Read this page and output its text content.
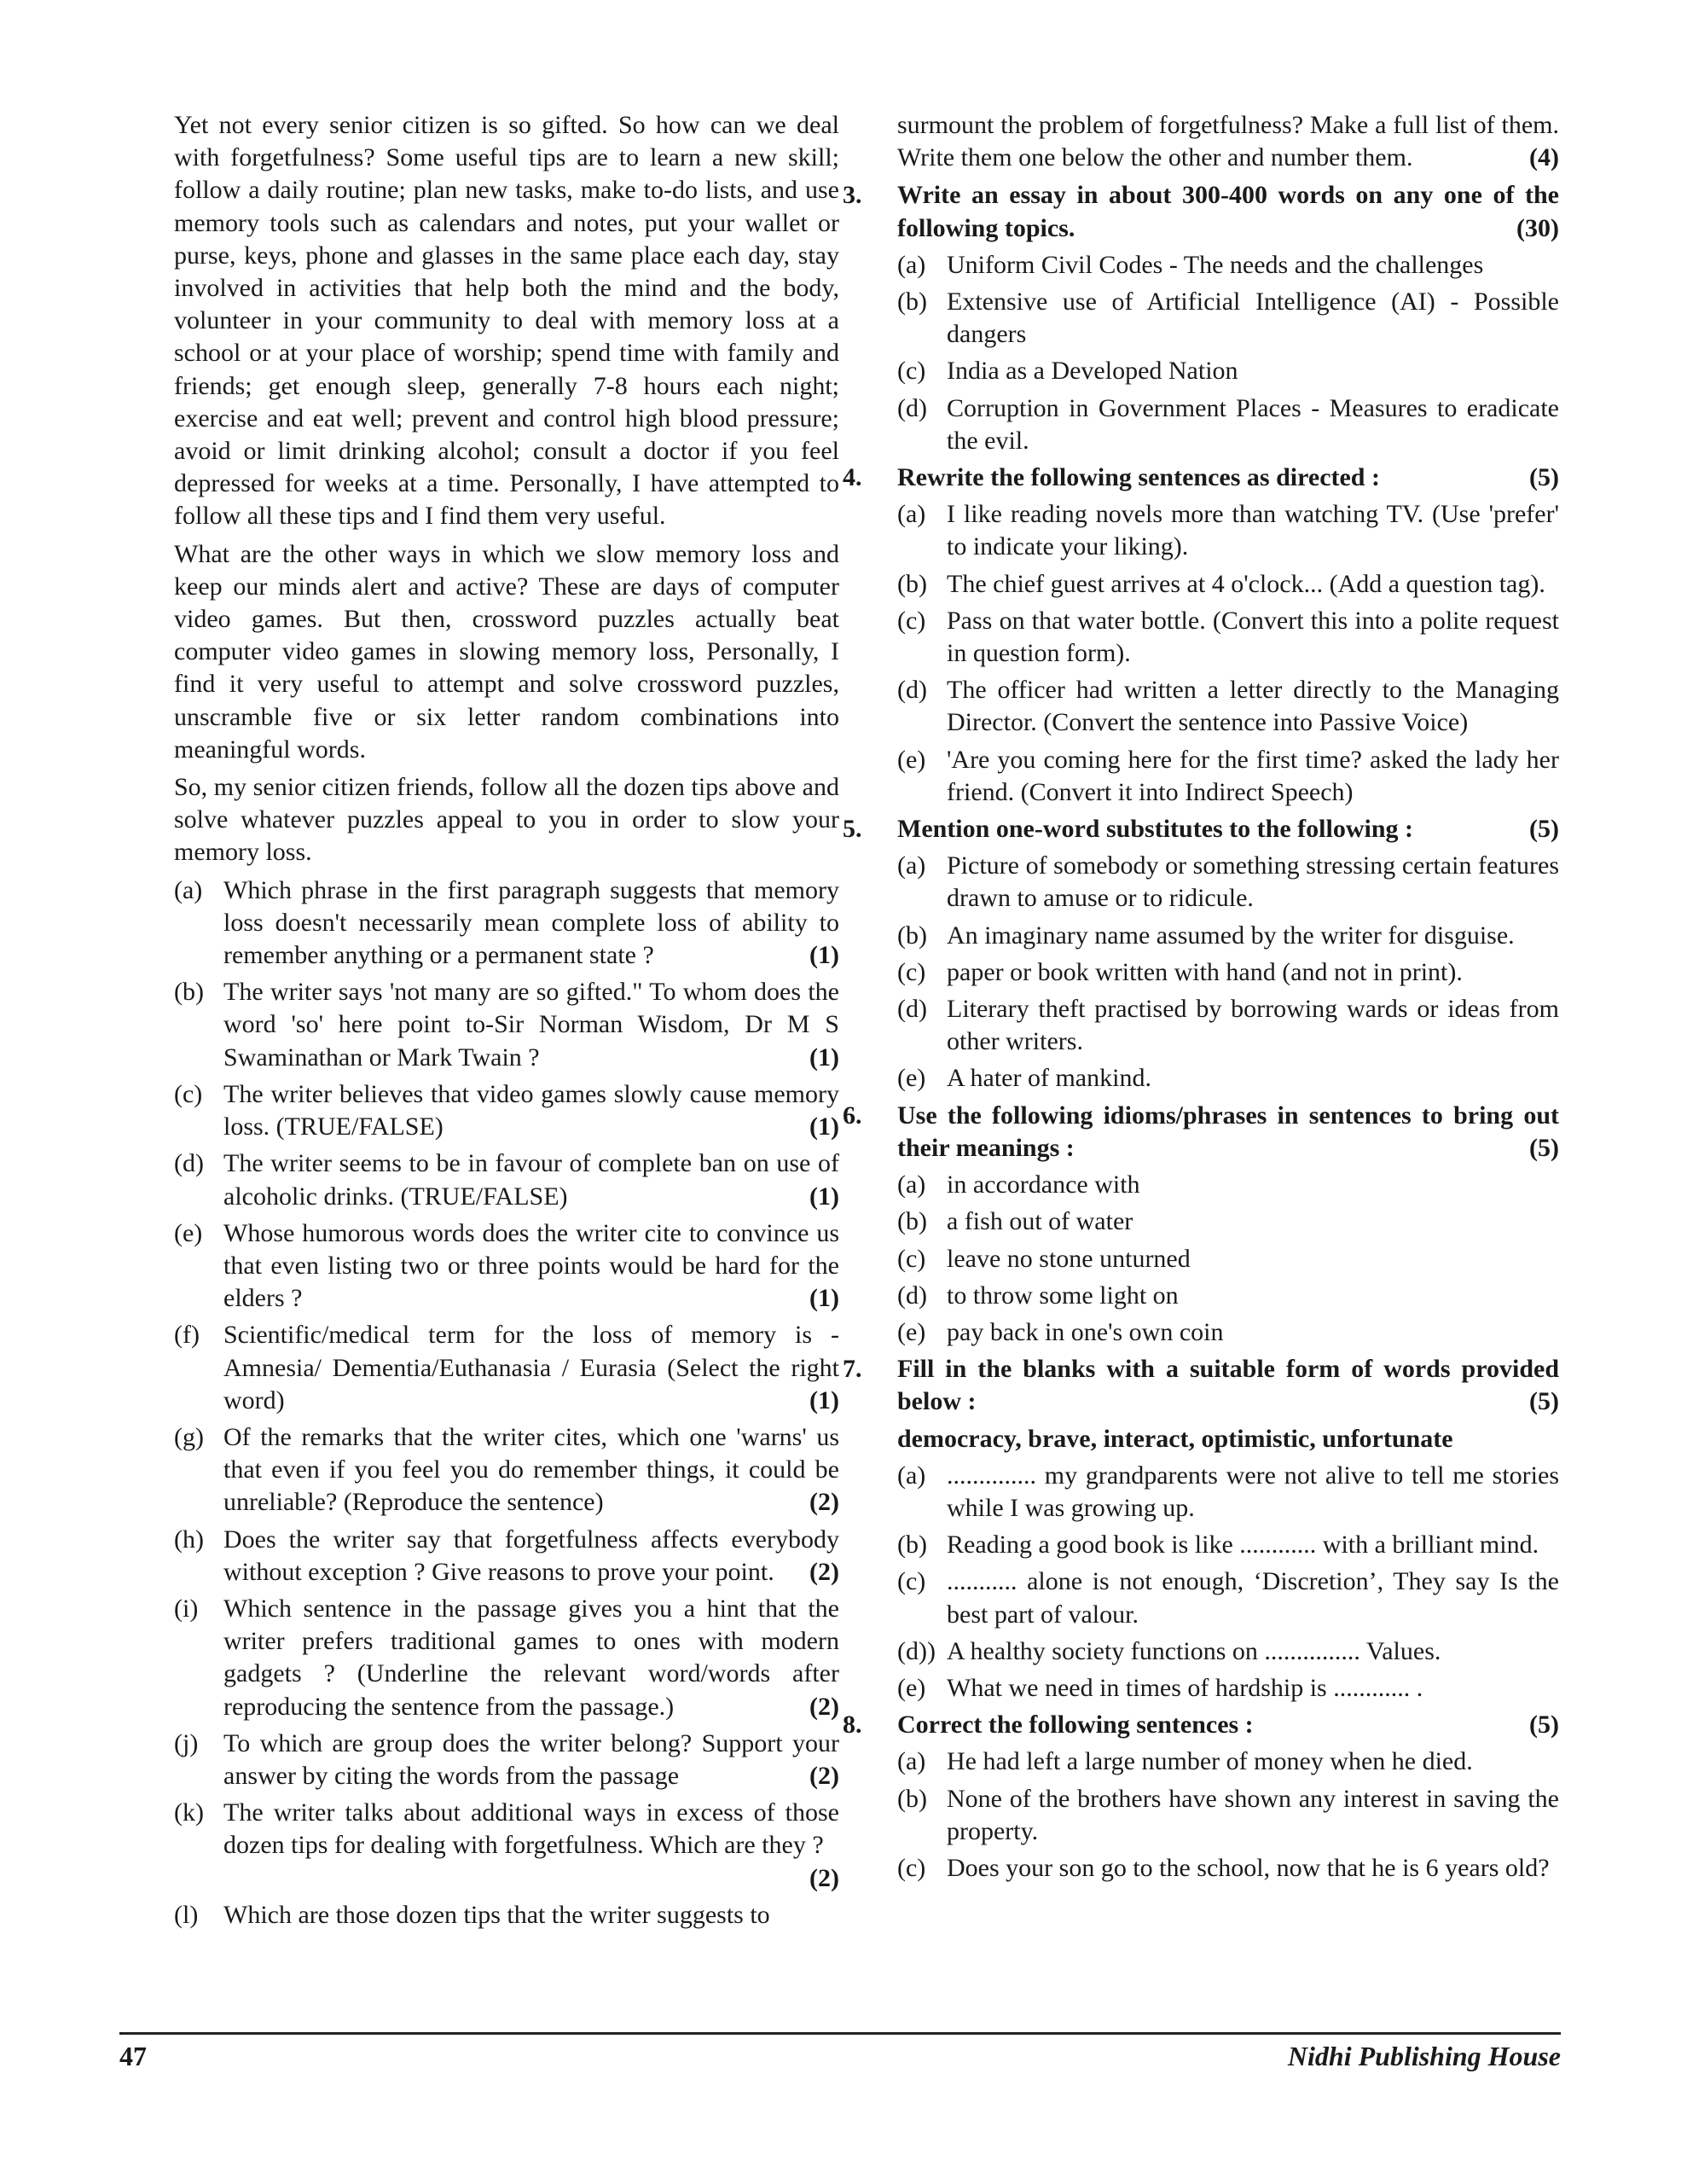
Yet not every senior citizen is so gifted. So how can we deal with forgetfulness? Some useful tips are to learn a new skill; follow a daily routine; plan new tasks, make to-do lists, and use memory tools such as calendars and notes, put your wallet or purse, keys, phone and glasses in the same place each day, stay involved in activities that help both the mind and the body, volunteer in your community to deal with memory loss at a school or at your place of worship; spend time with family and friends; get enough sleep, generally 7-8 hours each night; exercise and eat well; prevent and control high blood pressure; avoid or limit drinking alcohol; consult a doctor if you feel depressed for weeks at a time. Personally, I have attempted to follow all these tips and I find them very useful.

What are the other ways in which we slow memory loss and keep our minds alert and active? These are days of computer video games. But then, crossword puzzles actually beat computer video games in slowing memory loss, Personally, I find it very useful to attempt and solve crossword puzzles, unscramble five or six letter random combinations into meaningful words.

So, my senior citizen friends, follow all the dozen tips above and solve whatever puzzles appeal to you in order to slow your memory loss.

(a) Which phrase in the first paragraph suggests that memory loss doesn't necessarily mean complete loss of ability to remember anything or a permanent state ?	(1)
(b) The writer says 'not many are so gifted." To whom does the word 'so' here point to-Sir Norman Wisdom, Dr M S Swaminathan or Mark Twain ?	(1)
(c) The writer believes that video games slowly cause memory loss. (TRUE/FALSE)	(1)
(d) The writer seems to be in favour of complete ban on use of alcoholic drinks. (TRUE/FALSE)	(1)
(e) Whose humorous words does the writer cite to convince us that even listing two or three points would be hard for the elders ?	(1)
(f) Scientific/medical term for the loss of memory is - Amnesia/ Dementia/Euthanasia / Eurasia (Select the right word)	(1)
(g) Of the remarks that the writer cites, which one 'warns' us that even if you feel you do remember things, it could be unreliable? (Reproduce the sentence)	(2)
(h) Does the writer say that forgetfulness affects everybody without exception ? Give reasons to prove your point.	(2)
(i) Which sentence in the passage gives you a hint that the writer prefers traditional games to ones with modern gadgets ? (Underline the relevant word/words after reproducing the sentence from the passage.)	(2)
(j) To which are group does the writer belong? Support your answer by citing the words from the passage	(2)
(k) The writer talks about additional ways in excess of those dozen tips for dealing with forgetfulness. Which are they ?
(2)
(l) Which are those dozen tips that the writer suggests to

surmount the problem of forgetfulness? Make a full list of them. Write them one below the other and number them.	(4)

3.	Write an essay in about 300-400 words on any one of the following topics.	(30)
(a) Uniform Civil Codes - The needs and the challenges
(b) Extensive use of Artificial Intelligence (AI) - Possible dangers
(c) India as a Developed Nation
(d) Corruption in Government Places - Measures to eradicate the evil.
4.	Rewrite the following sentences as directed :	(5)
(a) I like reading novels more than watching TV. (Use 'prefer' to indicate your liking).
(b) The chief guest arrives at 4 o'clock... (Add a question tag).
(c) Pass on that water bottle. (Convert this into a polite request in question form).
(d) The officer had written a letter directly to the Managing Director. (Convert the sentence into Passive Voice)
(e) 'Are you coming here for the first time? asked the lady her friend. (Convert it into Indirect Speech)
5.	Mention one-word substitutes to the following :	(5)
(a) Picture of somebody or something stressing certain features drawn to amuse or to ridicule.
(b) An imaginary name assumed by the writer for disguise.
(c) paper or book written with hand (and not in print).
(d) Literary theft practised by borrowing wards or ideas from other writers.
(e) A hater of mankind.
6.	Use the following idioms/phrases in sentences to bring out their meanings :	(5)
(a) in accordance with
(b) a fish out of water
(c) leave no stone unturned
(d) to throw some light on
(e) pay back in one's own coin
7.	Fill in the blanks with a suitable form of words provided below :	(5)
democracy, brave, interact, optimistic, unfortunate
(a) .............. my grandparents were not alive to tell me stories while I was growing up.
(b) Reading a good book is like ............ with a brilliant mind.
(c) ........... alone is not enough, ‘Discretion’, They say Is the best part of valour.
(d)) A healthy society functions on ............... Values.
(e) What we need in times of hardship is ............ .
8.	Correct the following sentences :	(5)
(a) He had left a large number of money when he died.
(b) None of the brothers have shown any interest in saving the property.
(c) Does your son go to the school, now that he is 6 years old?
47	Nidhi Publishing House
